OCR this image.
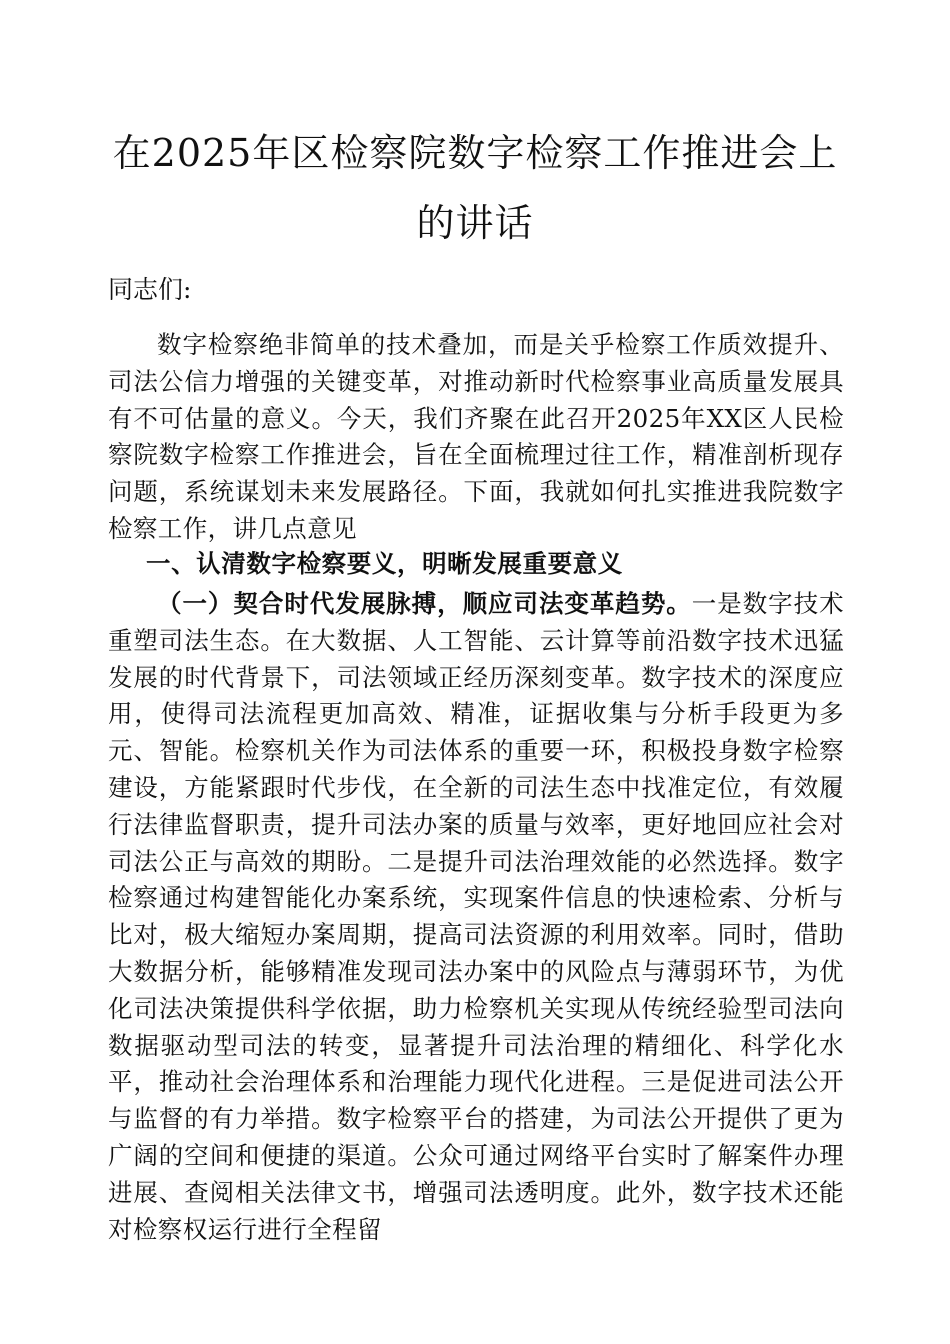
在2025年区检察院数字检察工作推进会上的讲话

同志们:

数字检察绝非简单的技术叠加，而是关乎检察工作质效提升、司法公信力增强的关键变革，对推动新时代检察事业高质量发展具有不可估量的意义。今天，我们齐聚在此召开2025年XX区人民检察院数字检察工作推进会，旨在全面梳理过往工作，精准剖析现存问题，系统谋划未来发展路径。下面，我就如何扎实推进我院数字检察工作，讲几点意见

一、认清数字检察要义，明晰发展重要意义

（一）契合时代发展脉搏，顺应司法变革趋势。一是数字技术重塑司法生态。在大数据、人工智能、云计算等前沿数字技术迅猛发展的时代背景下，司法领域正经历深刻变革。数字技术的深度应用，使得司法流程更加高效、精准，证据收集与分析手段更为多元、智能。检察机关作为司法体系的重要一环，积极投身数字检察建设，方能紧跟时代步伐，在全新的司法生态中找准定位，有效履行法律监督职责，提升司法办案的质量与效率，更好地回应社会对司法公正与高效的期盼。二是提升司法治理效能的必然选择。数字检察通过构建智能化办案系统，实现案件信息的快速检索、分析与比对，极大缩短办案周期，提高司法资源的利用效率。同时，借助大数据分析，能够精准发现司法办案中的风险点与薄弱环节，为优化司法决策提供科学依据，助力检察机关实现从传统经验型司法向数据驱动型司法的转变，显著提升司法治理的精细化、科学化水平，推动社会治理体系和治理能力现代化进程。三是促进司法公开与监督的有力举措。数字检察平台的搭建，为司法公开提供了更为广阔的空间和便捷的渠道。公众可通过网络平台实时了解案件办理进展、查阅相关法律文书，增强司法透明度。此外，数字技术还能对检察权运行进行全程留
